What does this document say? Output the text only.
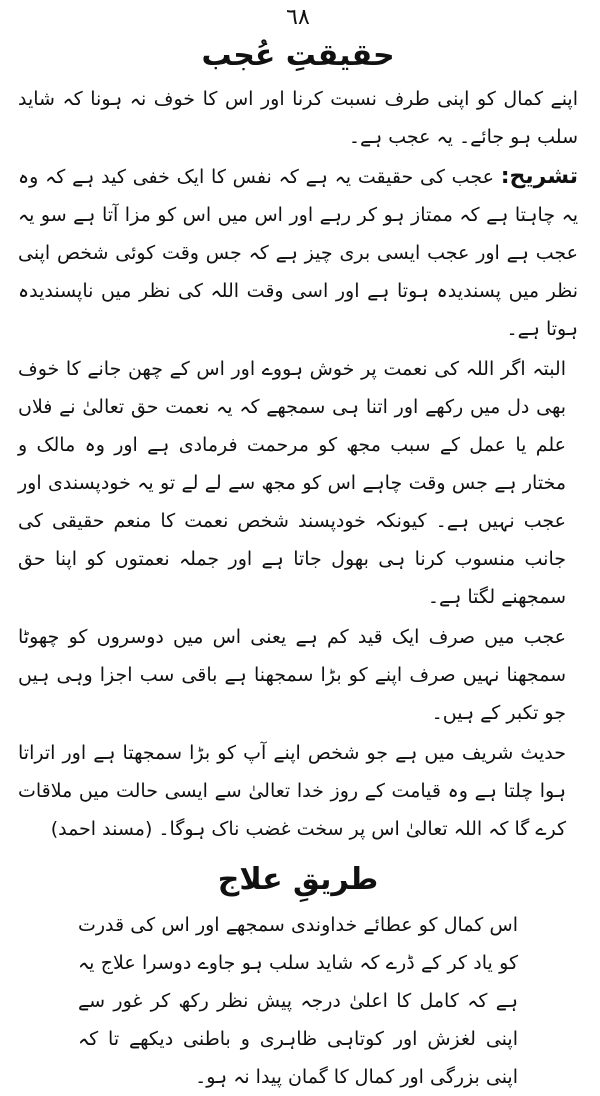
٦٨
حقیقتِ عُجب

اپنے کمال کو اپنی طرف نسبت کرنا اور اس کا خوف نہ ہونا کہ شاید سلب ہو جائے۔ یہ عجب ہے۔

تشریح: عجب کی حقیقت یہ ہے کہ نفس کا ایک خفی کید ہے کہ وہ یہ چاہتا ہے کہ ممتاز ہو کر رہے اور اس میں اس کو مزا آتا ہے سو یہ عجب ہے اور عجب ایسی بری چیز ہے کہ جس وقت کوئی شخص اپنی نظر میں پسندیدہ ہوتا ہے اور اسی وقت اللہ کی نظر میں ناپسندیدہ ہوتا ہے۔

البتہ اگر اللہ کی نعمت پر خوش ہووے اور اس کے چھن جانے کا خوف بھی دل میں رکھے اور اتنا ہی سمجھے کہ یہ نعمت حق تعالیٰ نے فلاں علم یا عمل کے سبب مجھ کو مرحمت فرمادی ہے اور وہ مالک و مختار ہے جس وقت چاہے اس کو مجھ سے لے لے تو یہ خودپسندی اور عجب نہیں ہے۔ کیونکہ خودپسند شخص نعمت کا منعم حقیقی کی جانب منسوب کرنا ہی بھول جاتا ہے اور جملہ نعمتوں کو اپنا حق سمجھنے لگتا ہے۔

عجب میں صرف ایک قید کم ہے یعنی اس میں دوسروں کو چھوٹا سمجھنا نہیں صرف اپنے کو بڑا سمجھنا ہے باقی سب اجزا وہی ہیں جو تکبر کے ہیں۔

حدیث شریف میں ہے جو شخص اپنے آپ کو بڑا سمجھتا ہے اور اتراتا ہوا چلتا ہے وہ قیامت کے روز خدا تعالیٰ سے ایسی حالت میں ملاقات کرے گا کہ اللہ تعالیٰ اس پر سخت غضب ناک ہوگا۔ (مسند احمد)

طریقِ علاج

اس کمال کو عطائے خداوندی سمجھے اور اس کی قدرت کو یاد کر کے ڈرے کہ شاید سلب ہو جاوے دوسرا علاج یہ ہے کہ کامل کا اعلیٰ درجہ پیش نظر رکھ کر غور سے اپنی لغزش اور کوتاہی ظاہری و باطنی دیکھے تا کہ اپنی بزرگی اور کمال کا گمان پیدا نہ ہو۔
